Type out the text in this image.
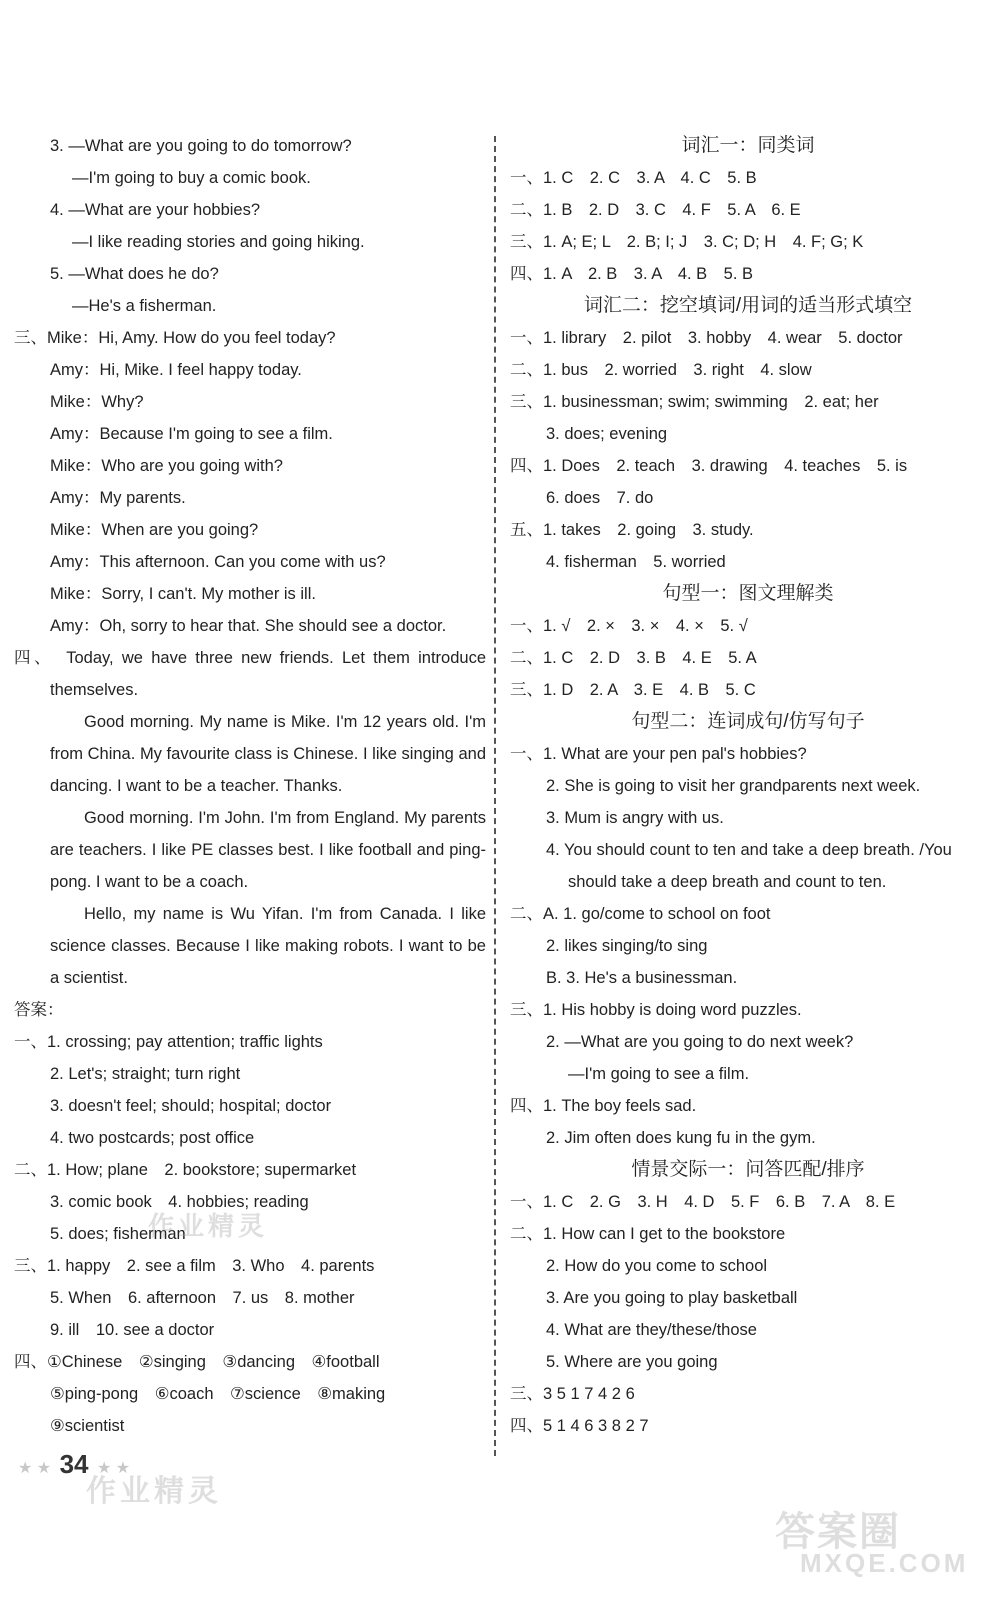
3. —What are you going to do tomorrow?
—I'm going to buy a comic book.
4. —What are your hobbies?
—I like reading stories and going hiking.
5. —What does he do?
—He's a fisherman.
三、Mike：Hi, Amy. How do you feel today?
Amy：Hi, Mike. I feel happy today.
Mike：Why?
Amy：Because I'm going to see a film.
Mike：Who are you going with?
Amy：My parents.
Mike：When are you going?
Amy：This afternoon. Can you come with us?
Mike：Sorry, I can't. My mother is ill.
Amy：Oh, sorry to hear that. She should see a doctor.
四、　Today, we have three new friends. Let them introduce themselves.
Good morning. My name is Mike. I'm 12 years old. I'm from China. My favourite class is Chinese. I like singing and dancing. I want to be a teacher. Thanks.
Good morning. I'm John. I'm from England. My parents are teachers. I like PE classes best. I like football and ping-pong. I want to be a coach.
Hello, my name is Wu Yifan. I'm from Canada. I like science classes. Because I like making robots. I want to be a scientist.
答案：
一、1. crossing; pay attention; traffic lights
2. Let's; straight; turn right
3. doesn't feel; should; hospital; doctor
4. two postcards; post office
二、1. How; plane　2. bookstore; supermarket
3. comic book　4. hobbies; reading
5. does; fisherman
三、1. happy　2. see a film　3. Who　4. parents
5. When　6. afternoon　7. us　8. mother
9. ill　10. see a doctor
四、①Chinese　②singing　③dancing　④football
⑤ping-pong　⑥coach　⑦science　⑧making
⑨scientist
词汇一：同类词
一、1. C　2. C　3. A　4. C　5. B
二、1. B　2. D　3. C　4. F　5. A　6. E
三、1. A; E; L　2. B; I; J　3. C; D; H　4. F; G; K
四、1. A　2. B　3. A　4. B　5. B
词汇二：挖空填词/用词的适当形式填空
一、1. library　2. pilot　3. hobby　4. wear　5. doctor
二、1. bus　2. worried　3. right　4. slow
三、1. businessman; swim; swimming　2. eat; her
3. does; evening
四、1. Does　2. teach　3. drawing　4. teaches　5. is
6. does　7. do
五、1. takes　2. going　3. study.
4. fisherman　5. worried
句型一：图文理解类
一、1. √　2. ×　3. ×　4. ×　5. √
二、1. C　2. D　3. B　4. E　5. A
三、1. D　2. A　3. E　4. B　5. C
句型二：连词成句/仿写句子
一、1. What are your pen pal's hobbies?
2. She is going to visit her grandparents next week.
3. Mum is angry with us.
4. You should count to ten and take a deep breath. /You
should take a deep breath and count to ten.
二、A. 1. go/come to school on foot
2. likes singing/to sing
B. 3. He's a businessman.
三、1. His hobby is doing word puzzles.
2. —What are you going to do next week?
—I'm going to see a film.
四、1. The boy feels sad.
2. Jim often does kung fu in the gym.
情景交际一：问答匹配/排序
一、1. C　2. G　3. H　4. D　5. F　6. B　7. A　8. E
二、1. How can I get to the bookstore
2. How do you come to school
3. Are you going to play basketball
4. What are they/these/those
5. Where are you going
三、3 5 1 7 4 2 6
四、5 1 4 6 3 8 2 7
★ ★ 34 ★ ★
作业精灵
作业精灵
答案圈
MXQE.COM
